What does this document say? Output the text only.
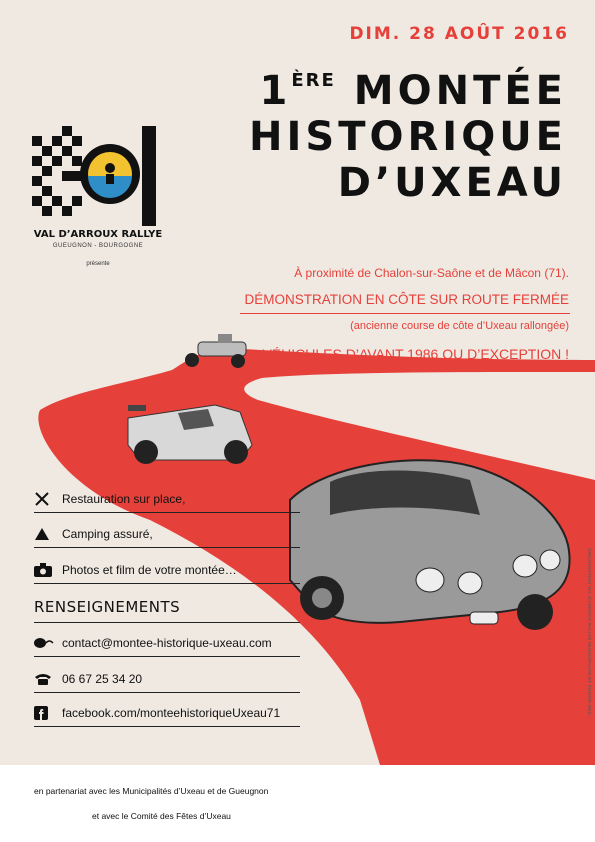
DIM. 28 AOÛT 2016
1ÈRE MONTÉE
HISTORIQUE
D’UXEAU
VAL D’ARROUX RALLYE
GUEUGNON - BOURGOGNE
présente
À proximité de Chalon-sur-Saône et de Mâcon (71).
DÉMONSTRATION EN CÔTE SUR ROUTE FERMÉE
(ancienne course de côte d’Uxeau rallongée)
VÉHICULES D’AVANT 1986 OU D’EXCEPTION !
Restauration sur place,
Camping assuré,
Photos et film de votre montée…
RENSEIGNEMENTS
contact@montee-historique-uxeau.com
06 67 25 34 20
facebook.com/monteehistoriqueUxeau71	ORGANISATION VAL D'ARROUX RALLYE MUNICIPALITE ET COMITE DES...
en partenariat avec les Municipalités d’Uxeau et de Gueugnon
et avec le Comité des Fêtes d’Uxeau
